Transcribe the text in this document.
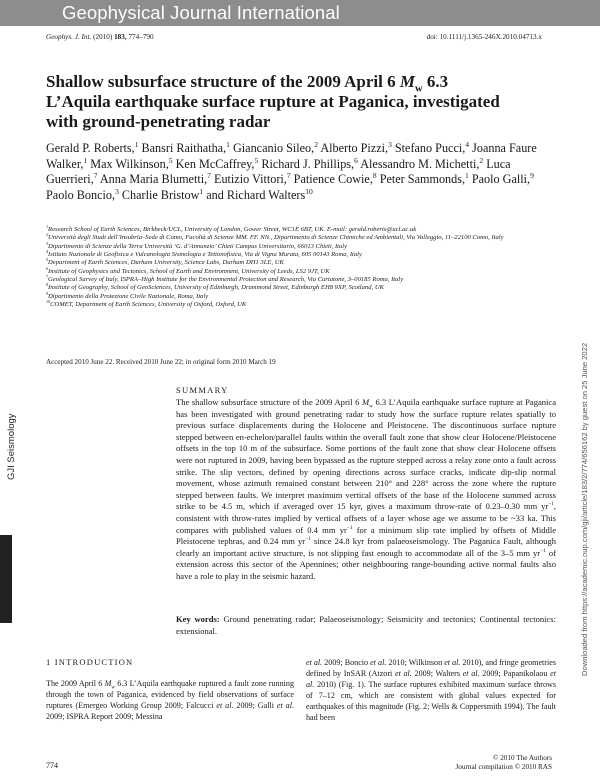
Geophysical Journal International
Geophys. J. Int. (2010) 183, 774–790	doi: 10.1111/j.1365-246X.2010.04713.x
Shallow subsurface structure of the 2009 April 6 $M_w$ 6.3 L’Aquila earthquake surface rupture at Paganica, investigated with ground-penetrating radar
Gerald P. Roberts,$^1$ Bansri Raithatha,$^1$ Giancanio Sileo,$^2$ Alberto Pizzi,$^3$ Stefano Pucci,$^4$ Joanna Faure Walker,$^1$ Max Wilkinson,$^5$ Ken McCaffrey,$^5$ Richard J. Phillips,$^6$ Alessandro M. Michetti,$^2$ Luca Guerrieri,$^7$ Anna Maria Blumetti,$^7$ Eutizio Vittori,$^7$ Patience Cowie,$^8$ Peter Sammonds,$^1$ Paolo Galli,$^9$ Paolo Boncio,$^3$ Charlie Bristow$^1$ and Richard Walters$^{10}$
$^1$Research School of Earth Sciences, Birkbeck/UCL, University of London, Gower Street, WC1E 6BT, UK. E-mail: gerald.roberts@ucl.ac.uk
$^2$Università degli Studi dell’Insubria–Sede di Como, Facoltà di Scienze MM. FF. NN., Dipartimento di Scienze Chimiche ed Ambientali, Via Valleggio, 11–22100 Como, Italy
$^3$Dipartimento di Scienze della Terra Università ‘G. d’Annunzio’ Chieti Campus Universitario, 66013 Chieti, Italy
$^4$Istituto Nazionale di Geofisica e Vulcanologia Sismologia e Tettonofisica, Via di Vigna Murata, 605 00143 Roma, Italy
$^5$Department of Earth Sciences, Durham University, Science Labs, Durham DH1 3LE, UK
$^6$Institute of Geophysics and Tectonics, School of Earth and Environment, University of Leeds, LS2 9JT, UK
$^7$Geological Survey of Italy, ISPRA–High Institute for the Environmental Protection and Research, Via Curtatone, 3–00185 Roma, Italy
$^8$Institute of Geography, School of GeoSciences, University of Edinburgh, Drummond Street, Edinburgh EH8 9XP, Scotland, UK
$^9$Dipartimento della Protezione Civile Nazionale, Roma, Italy
$^{10}$COMET, Department of Earth Sciences, University of Oxford, Oxford, UK
Accepted 2010 June 22. Received 2010 June 22; in original form 2010 March 19
SUMMARY
The shallow subsurface structure of the 2009 April 6 $M_w$ 6.3 L’Aquila earthquake surface rupture at Paganica has been investigated with ground penetrating radar to study how the surface rupture relates spatially to previous surface displacements during the Holocene and Pleistocene. The discontinuous surface rupture stepped between en-echelon/parallel faults within the overall fault zone that show clear Holocene/Pleistocene offsets in the top 10 m of the subsurface. Some portions of the fault zone that show clear Holocene offsets were not ruptured in 2009, having been bypassed as the rupture stepped across a relay zone onto a fault across strike. The slip vectors, defined by opening directions across surface cracks, indicate dip-slip normal movement, whose azimuth remained constant between 210° and 228° across the zone where the rupture stepped between faults. We interpret maximum vertical offsets of the base of the Holocene summed across strike to be 4.5 m, which if averaged over 15 kyr, gives a maximum throw-rate of 0.23–0.30 mm $yr^{-1}$, consistent with throw-rates implied by vertical offsets of a layer whose age we assume to be ~33 ka. This compares with published values of 0.4 mm $yr^{-1}$ for a minimum slip rate implied by offsets of Middle Pleistocene tephras, and 0.24 mm $yr^{-1}$ since 24.8 kyr from palaeoseismology. The Paganica Fault, although clearly an important active structure, is not slipping fast enough to accommodate all of the 3–5 mm $yr^{-1}$ of extension across this sector of the Apennines; other neighbouring range-bounding active normal faults also have a role to play in the seismic hazard.
Key words: Ground penetrating radar; Palaeoseismology; Seismicity and tectonics; Continental tectonics: extensional.
GJI Seismology
1 INTRODUCTION
The 2009 April 6 $M_w$ 6.3 L’Aquila earthquake ruptured a fault zone running through the town of Paganica, evidenced by field observations of surface ruptures (Emergeo Working Group 2009; Falcucci et al. 2009; Galli et al. 2009; ISPRA Report 2009; Messina
et al. 2009; Boncio et al. 2010; Wilkinson et al. 2010), and fringe geometries defined by InSAR (Atzori et al. 2009; Walters et al. 2009; Papanikolaou et al. 2010) (Fig. 1). The surface ruptures exhibited maximum surface throws of 7–12 cm, which are consistent with global values expected for earthquakes of this magnitude (Fig. 2; Wells & Coppersmith 1994). The fault had been
774
© 2010 The Authors
Journal compilation © 2010 RAS
Downloaded from https://academic.oup.com/gji/article/183/2/774/656162 by guest on 25 June 2022
